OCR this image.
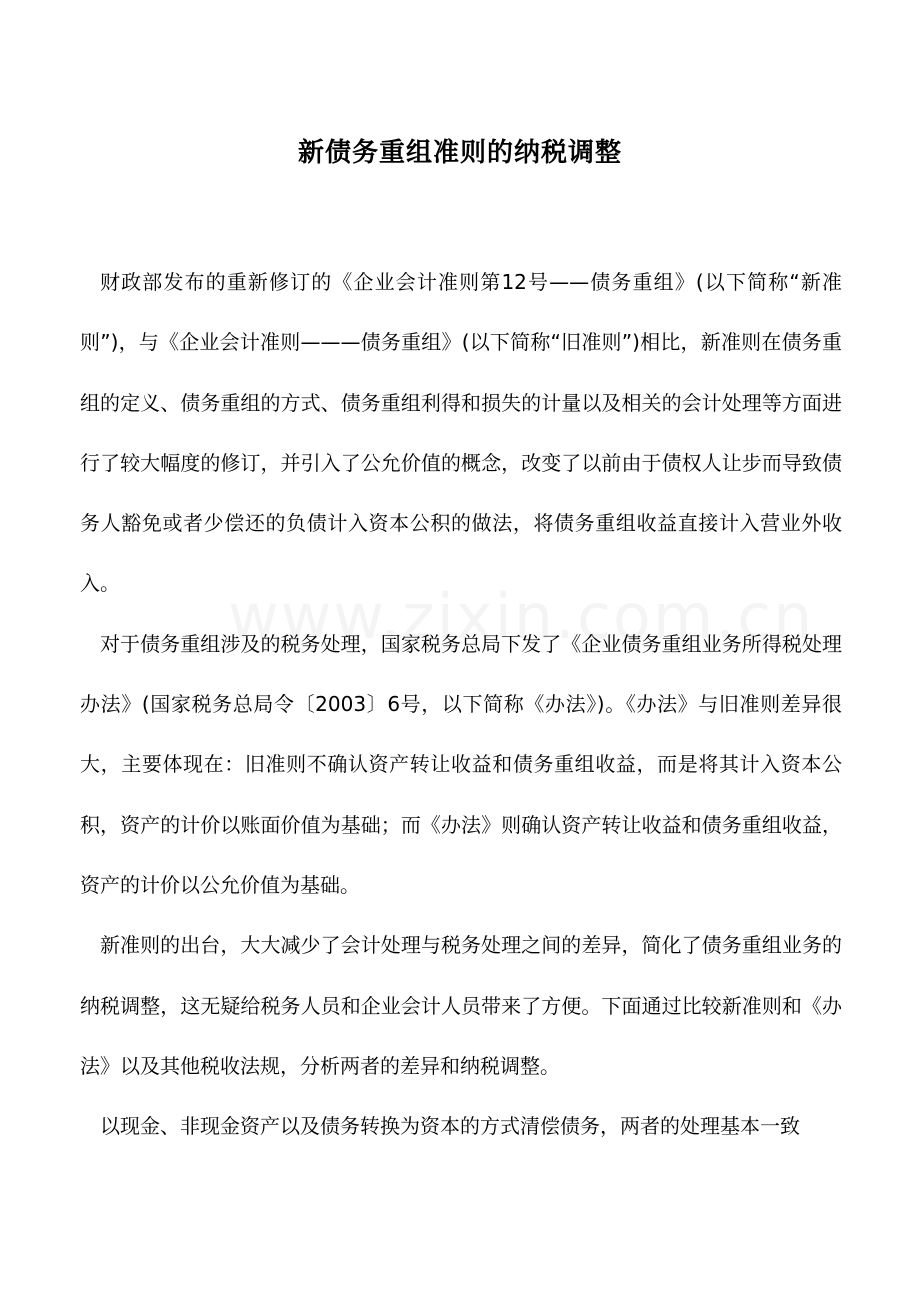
新债务重组准则的纳税调整

财政部发布的重新修订的《企业会计准则第12号——债务重组》(以下简称“新准则”)，与《企业会计准则———债务重组》(以下简称“旧准则”)相比，新准则在债务重组的定义、债务重组的方式、债务重组利得和损失的计量以及相关的会计处理等方面进行了较大幅度的修订，并引入了公允价值的概念，改变了以前由于债权人让步而导致债务人豁免或者少偿还的负债计入资本公积的做法，将债务重组收益直接计入营业外收入。

对于债务重组涉及的税务处理，国家税务总局下发了《企业债务重组业务所得税处理办法》(国家税务总局令〔2003〕6号，以下简称《办法》)。《办法》与旧准则差异很大，主要体现在：旧准则不确认资产转让收益和债务重组收益，而是将其计入资本公积，资产的计价以账面价值为基础；而《办法》则确认资产转让收益和债务重组收益，资产的计价以公允价值为基础。

新准则的出台，大大减少了会计处理与税务处理之间的差异，简化了债务重组业务的纳税调整，这无疑给税务人员和企业会计人员带来了方便。下面通过比较新准则和《办法》以及其他税收法规，分析两者的差异和纳税调整。

以现金、非现金资产以及债务转换为资本的方式清偿债务，两者的处理基本一致
